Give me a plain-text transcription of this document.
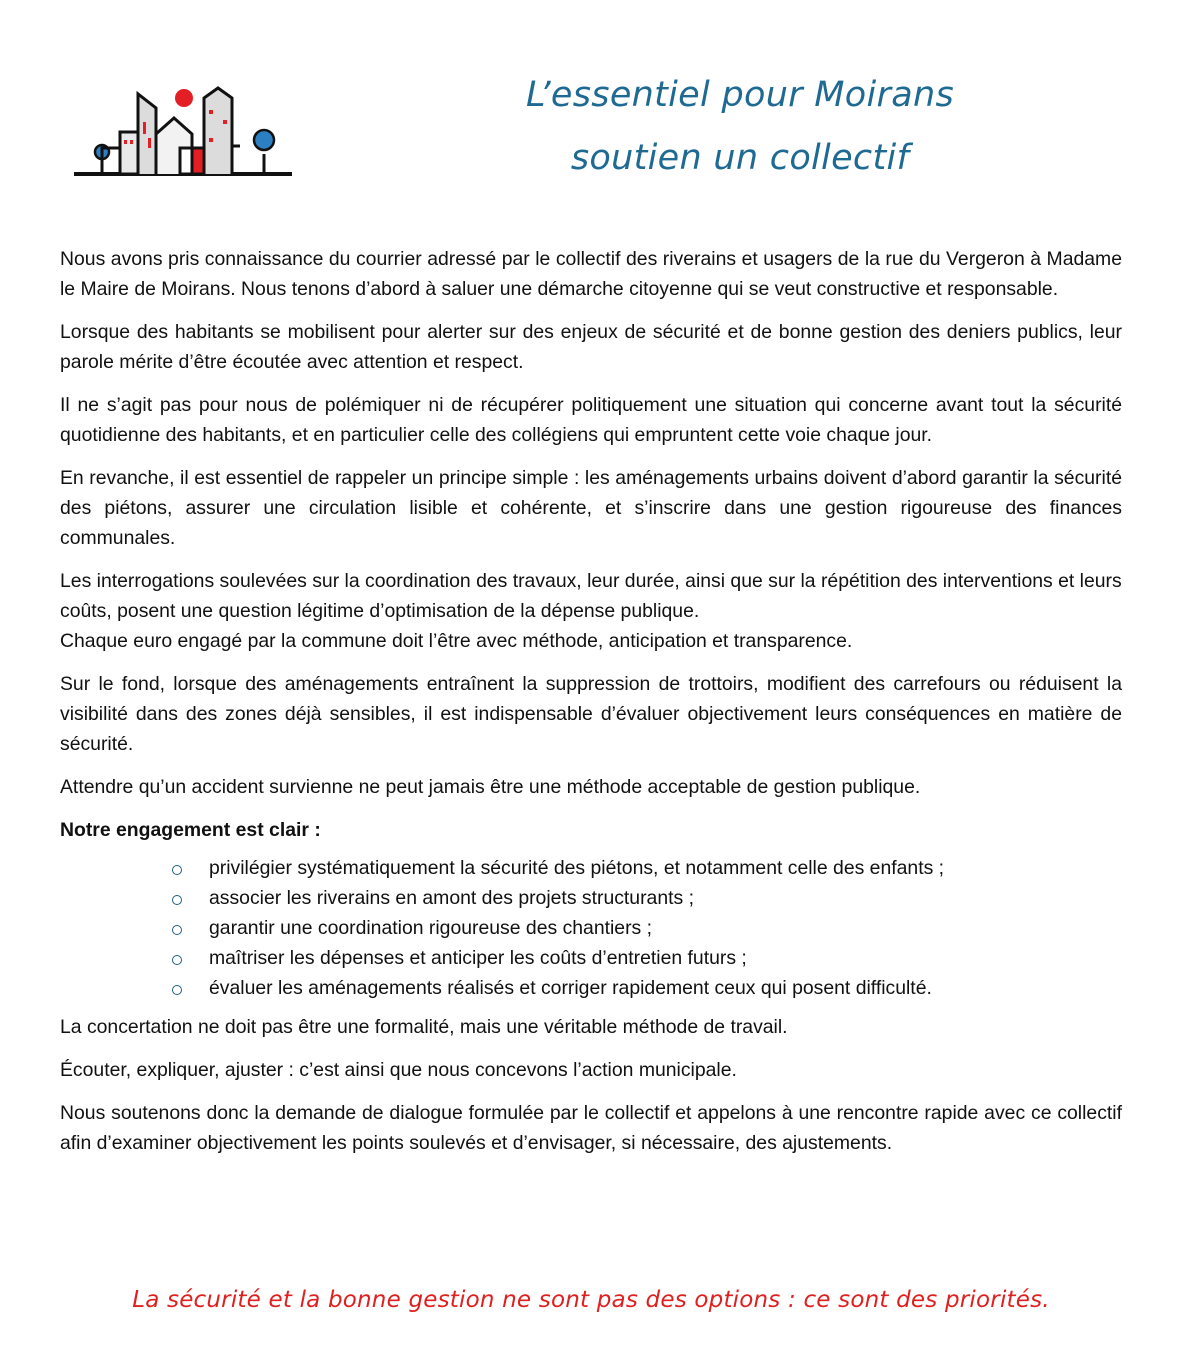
L’essentiel pour Moirans
soutien un collectif

Nous avons pris connaissance du courrier adressé par le collectif des riverains et usagers de la rue du Vergeron à Madame le Maire de Moirans. Nous tenons d’abord à saluer une démarche citoyenne qui se veut constructive et responsable.

Lorsque des habitants se mobilisent pour alerter sur des enjeux de sécurité et de bonne gestion des deniers publics, leur parole mérite d’être écoutée avec attention et respect.

Il ne s’agit pas pour nous de polémiquer ni de récupérer politiquement une situation qui concerne avant tout la sécurité quotidienne des habitants, et en particulier celle des collégiens qui empruntent cette voie chaque jour.

En revanche, il est essentiel de rappeler un principe simple : les aménagements urbains doivent d’abord garantir la sécurité des piétons, assurer une circulation lisible et cohérente, et s’inscrire dans une gestion rigoureuse des finances communales.

Les interrogations soulevées sur la coordination des travaux, leur durée, ainsi que sur la répétition des interventions et leurs coûts, posent une question légitime d’optimisation de la dépense publique.

Chaque euro engagé par la commune doit l’être avec méthode, anticipation et transparence.

Sur le fond, lorsque des aménagements entraînent la suppression de trottoirs, modifient des carrefours ou réduisent la visibilité dans des zones déjà sensibles, il est indispensable d’évaluer objectivement leurs conséquences en matière de sécurité.

Attendre qu’un accident survienne ne peut jamais être une méthode acceptable de gestion publique.

Notre engagement est clair :

privilégier systématiquement la sécurité des piétons, et notamment celle des enfants ;
associer les riverains en amont des projets structurants ;
garantir une coordination rigoureuse des chantiers ;
maîtriser les dépenses et anticiper les coûts d’entretien futurs ;
évaluer les aménagements réalisés et corriger rapidement ceux qui posent difficulté.

La concertation ne doit pas être une formalité, mais une véritable méthode de travail.

Écouter, expliquer, ajuster : c’est ainsi que nous concevons l’action municipale.

Nous soutenons donc la demande de dialogue formulée par le collectif et appelons à une rencontre rapide avec ce collectif afin d’examiner objectivement les points soulevés et d’envisager, si nécessaire, des ajustements.

La sécurité et la bonne gestion ne sont pas des options : ce sont des priorités.
